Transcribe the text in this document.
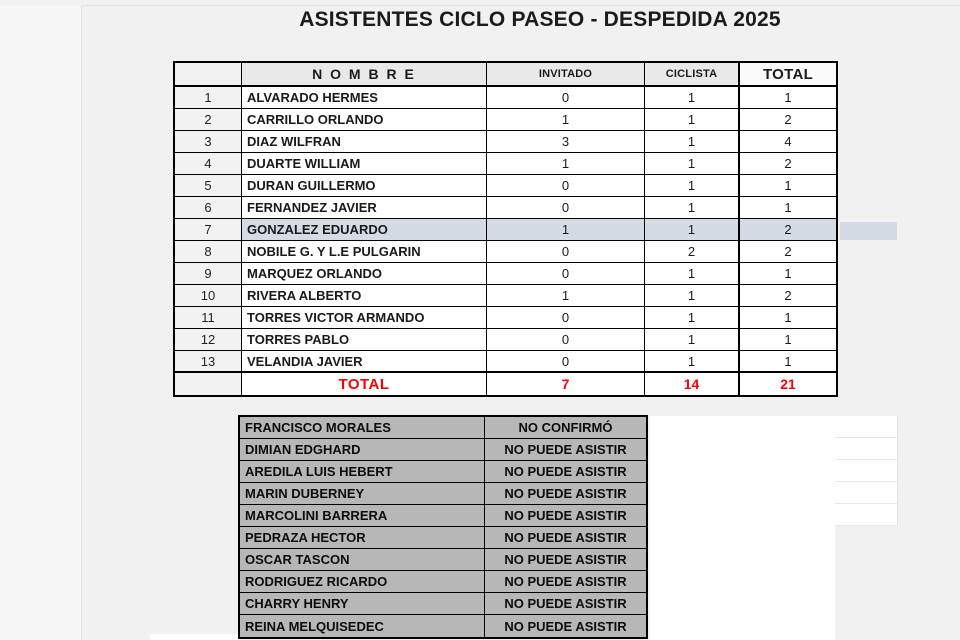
ASISTENTES CICLO PASEO - DESPEDIDA 2025
N O M B R E	INVITADO	CICLISTA	TOTAL
1	ALVARADO HERMES	0	1	1
2	CARRILLO ORLANDO	1	1	2
3	DIAZ WILFRAN	3	1	4
4	DUARTE WILLIAM	1	1	2
5	DURAN GUILLERMO	0	1	1
6	FERNANDEZ JAVIER	0	1	1
7	GONZALEZ EDUARDO	1	1	2
8	NOBILE G. Y L.E PULGARIN	0	2	2
9	MARQUEZ ORLANDO	0	1	1
10	RIVERA ALBERTO	1	1	2
11	TORRES VICTOR ARMANDO	0	1	1
12	TORRES PABLO	0	1	1
13	VELANDIA JAVIER	0	1	1
TOTAL	7	14	21
FRANCISCO MORALES	NO CONFIRMÓ
DIMIAN EDGHARD	NO PUEDE ASISTIR
AREDILA LUIS HEBERT	NO PUEDE ASISTIR
MARIN DUBERNEY	NO PUEDE ASISTIR
MARCOLINI BARRERA	NO PUEDE ASISTIR
PEDRAZA HECTOR	NO PUEDE ASISTIR
OSCAR TASCON	NO PUEDE ASISTIR
RODRIGUEZ RICARDO	NO PUEDE ASISTIR
CHARRY HENRY	NO PUEDE ASISTIR
REINA MELQUISEDEC	NO PUEDE ASISTIR
